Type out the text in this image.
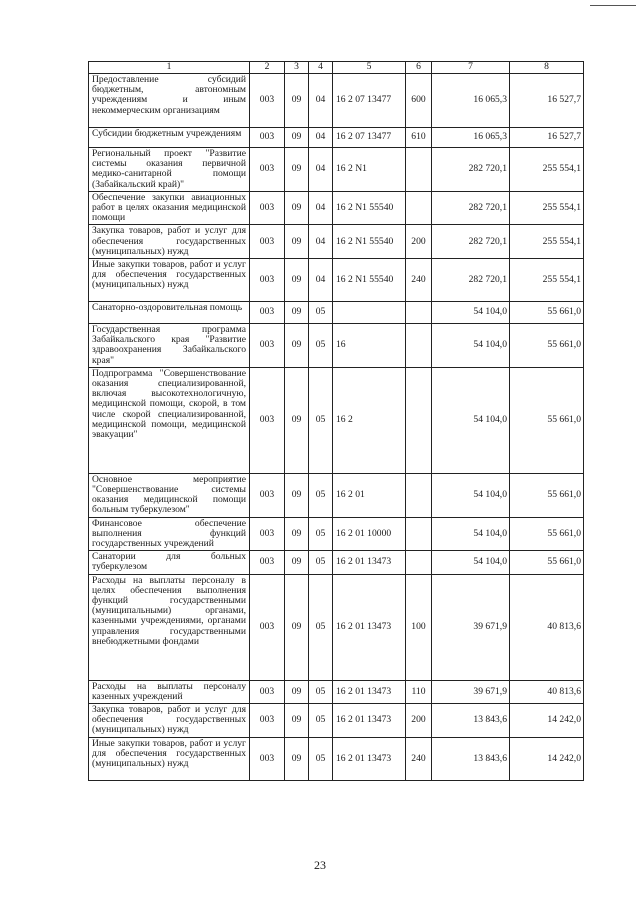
1	2	3	4	5	6	7	8
Предоставление субсидий бюджетным, автономным учреждениям и иным некоммерческим организациям	003	09	04	16 2 07 13477	600	16 065,3	16 527,7
Субсидии бюджетным учреждениям	003	09	04	16 2 07 13477	610	16 065,3	16 527,7
Региональный проект "Развитие системы оказания первичной медико-санитарной помощи (Забайкальский край)"	003	09	04	16 2 N1		282 720,1	255 554,1
Обеспечение закупки авиационных работ в целях оказания медицинской помощи	003	09	04	16 2 N1 55540		282 720,1	255 554,1
Закупка товаров, работ и услуг для обеспечения государственных (муниципальных) нужд	003	09	04	16 2 N1 55540	200	282 720,1	255 554,1
Иные закупки товаров, работ и услуг для обеспечения государственных (муниципальных) нужд	003	09	04	16 2 N1 55540	240	282 720,1	255 554,1
Санаторно-оздоровительная помощь	003	09	05			54 104,0	55 661,0
Государственная программа Забайкальского края "Развитие здравоохранения Забайкальского края"	003	09	05	16		54 104,0	55 661,0
Подпрограмма "Совершенствование оказания специализированной, включая высокотехнологичную, медицинской помощи, скорой, в том числе скорой специализированной, медицинской помощи, медицинской эвакуации"	003	09	05	16 2		54 104,0	55 661,0
Основное мероприятие "Совершенствование системы оказания медицинской помощи больным туберкулезом"	003	09	05	16 2 01		54 104,0	55 661,0
Финансовое обеспечение выполнения функций государственных учреждений	003	09	05	16 2 01 10000		54 104,0	55 661,0
Санатории для больных туберкулезом	003	09	05	16 2 01 13473		54 104,0	55 661,0
Расходы на выплаты персоналу в целях обеспечения выполнения функций государственными (муниципальными) органами, казенными учреждениями, органами управления государственными внебюджетными фондами	003	09	05	16 2 01 13473	100	39 671,9	40 813,6
Расходы на выплаты персоналу казенных учреждений	003	09	05	16 2 01 13473	110	39 671,9	40 813,6
Закупка товаров, работ и услуг для обеспечения государственных (муниципальных) нужд	003	09	05	16 2 01 13473	200	13 843,6	14 242,0
Иные закупки товаров, работ и услуг для обеспечения государственных (муниципальных) нужд	003	09	05	16 2 01 13473	240	13 843,6	14 242,0
23
